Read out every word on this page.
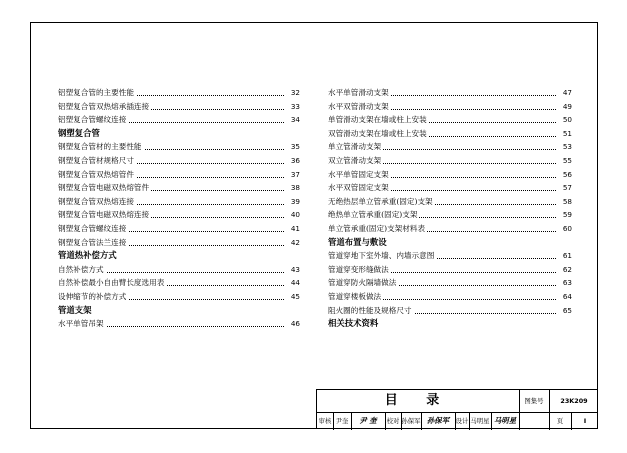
铝塑复合管的主要性能	32
铝塑复合管双热熔承插连接	33
铝塑复合管螺纹连接	34
钢塑复合管
钢塑复合管材的主要性能	35
钢塑复合管材规格尺寸	36
钢塑复合管双热熔管件	37
钢塑复合管电磁双热熔管件	38
钢塑复合管双热熔连接	39
钢塑复合管电磁双热熔连接	40
钢塑复合管螺纹连接	41
钢塑复合管法兰连接	42
管道热补偿方式
自然补偿方式	43
自然补偿最小自由臂长度选用表	44
设伸缩节的补偿方式	45
管道支架
水平单管吊架	46
水平单管滑动支架	47
水平双管滑动支架	49
单管滑动支架在墙或柱上安装	50
双管滑动支架在墙或柱上安装	51
单立管滑动支架	53
双立管滑动支架	55
水平单管固定支架	56
水平双管固定支架	57
无绝热层单立管承重(固定)支架	58
绝热单立管承重(固定)支架	59
单立管承重(固定)支架材料表	60
管道布置与敷设
管道穿地下室外墙、内墙示意图	61
管道穿变形缝做法	62
管道穿防火隔墙做法	63
管道穿楼板做法	64
阻火圈的性能及规格尺寸	65
相关技术资料
目 录	图集号	23K209
审核 尹奎	尹 奎	校对 孙保军 孙保军	设计 马明星 马明星	页	Ⅱ
